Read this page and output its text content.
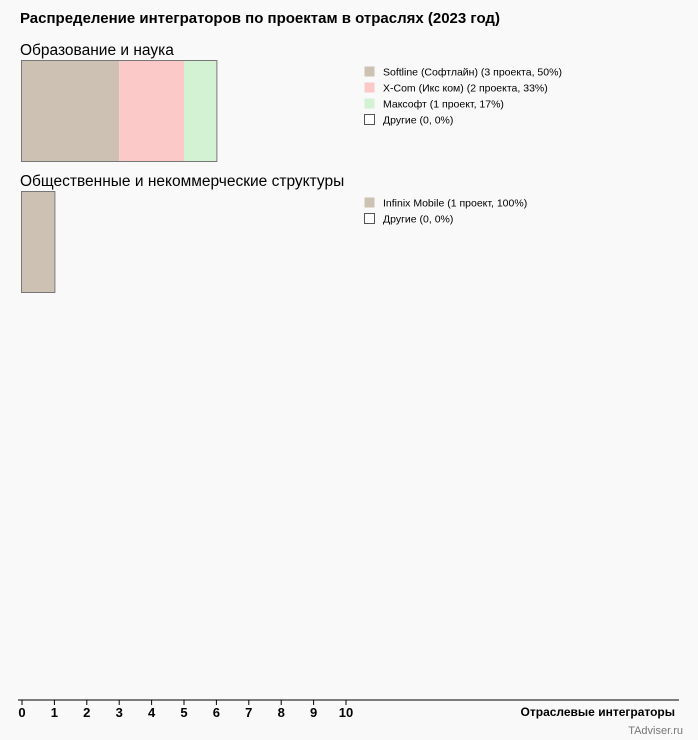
Распределение интеграторов по проектам в отраслях (2023 год)
Образование и наука
Softline (Софтлайн) (3 проекта, 50%)
X-Com (Икс ком) (2 проекта, 33%)
Максофт (1 проект, 17%)
Другие (0, 0%)
Общественные и некоммерческие структуры
Infinix Mobile (1 проект, 100%)
Другие (0, 0%)
0 1 2 3 4 5 6 7 8 9 10	Отраслевые интеграторы
TAdviser.ru
